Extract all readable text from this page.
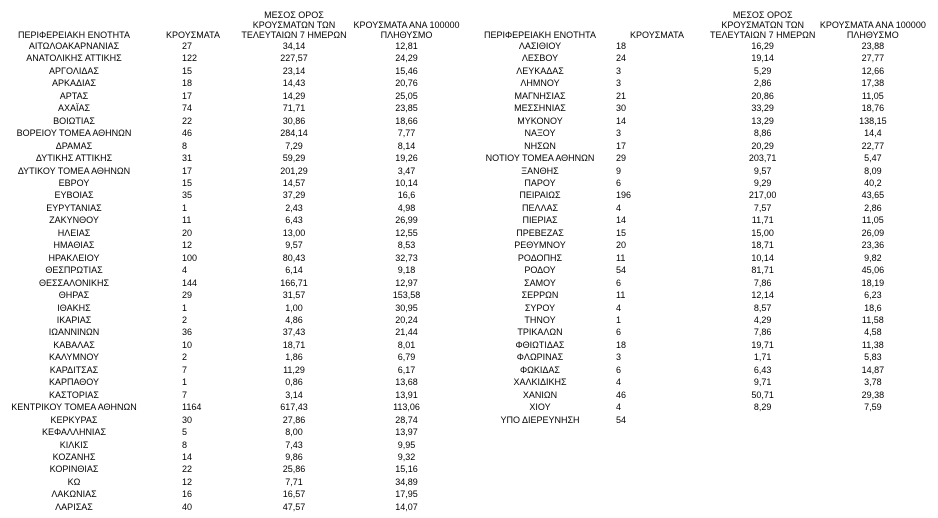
ΠΕΡΙΦΕΡΕΙΑΚΗ ΕΝΟΤΗΤΑ	ΚΡΟΥΣΜΑΤΑ	ΜΕΣΟΣ ΟΡΟΣ
ΚΡΟΥΣΜΑΤΩΝ ΤΩΝ
ΤΕΛΕΥΤΑΙΩΝ 7 ΗΜΕΡΩΝ	ΚΡΟΥΣΜΑΤΑ ΑΝΑ 100000
ΠΛΗΘΥΣΜΟ
ΑΙΤΩΛΟΑΚΑΡΝΑΝΙΑΣ	27	34,14	12,81
ΑΝΑΤΟΛΙΚΗΣ ΑΤΤΙΚΗΣ	122	227,57	24,29
ΑΡΓΟΛΙΔΑΣ	15	23,14	15,46
ΑΡΚΑΔΙΑΣ	18	14,43	20,76
ΑΡΤΑΣ	17	14,29	25,05
ΑΧΑΪΑΣ	74	71,71	23,85
ΒΟΙΩΤΙΑΣ	22	30,86	18,66
ΒΟΡΕΙΟΥ ΤΟΜΕΑ ΑΘΗΝΩΝ	46	284,14	7,77
ΔΡΑΜΑΣ	8	7,29	8,14
ΔΥΤΙΚΗΣ ΑΤΤΙΚΗΣ	31	59,29	19,26
ΔΥΤΙΚΟΥ ΤΟΜΕΑ ΑΘΗΝΩΝ	17	201,29	3,47
ΕΒΡΟΥ	15	14,57	10,14
ΕΥΒΟΙΑΣ	35	37,29	16,6
ΕΥΡΥΤΑΝΙΑΣ	1	2,43	4,98
ΖΑΚΥΝΘΟΥ	11	6,43	26,99
ΗΛΕΙΑΣ	20	13,00	12,55
ΗΜΑΘΙΑΣ	12	9,57	8,53
ΗΡΑΚΛΕΙΟΥ	100	80,43	32,73
ΘΕΣΠΡΩΤΙΑΣ	4	6,14	9,18
ΘΕΣΣΑΛΟΝΙΚΗΣ	144	166,71	12,97
ΘΗΡΑΣ	29	31,57	153,58
ΙΘΑΚΗΣ	1	1,00	30,95
ΙΚΑΡΙΑΣ	2	4,86	20,24
ΙΩΑΝΝΙΝΩΝ	36	37,43	21,44
ΚΑΒΑΛΑΣ	10	18,71	8,01
ΚΑΛΥΜΝΟΥ	2	1,86	6,79
ΚΑΡΔΙΤΣΑΣ	7	11,29	6,17
ΚΑΡΠΑΘΟΥ	1	0,86	13,68
ΚΑΣΤΟΡΙΑΣ	7	3,14	13,91
ΚΕΝΤΡΙΚΟΥ ΤΟΜΕΑ ΑΘΗΝΩΝ	1164	617,43	113,06
ΚΕΡΚΥΡΑΣ	30	27,86	28,74
ΚΕΦΑΛΛΗΝΙΑΣ	5	8,00	13,97
ΚΙΛΚΙΣ	8	7,43	9,95
ΚΟΖΑΝΗΣ	14	9,86	9,32
ΚΟΡΙΝΘΙΑΣ	22	25,86	15,16
ΚΩ	12	7,71	34,89
ΛΑΚΩΝΙΑΣ	16	16,57	17,95
ΛΑΡΙΣΑΣ	40	47,57	14,07
ΠΕΡΙΦΕΡΕΙΑΚΗ ΕΝΟΤΗΤΑ	ΚΡΟΥΣΜΑΤΑ	ΜΕΣΟΣ ΟΡΟΣ
ΚΡΟΥΣΜΑΤΩΝ ΤΩΝ
ΤΕΛΕΥΤΑΙΩΝ 7 ΗΜΕΡΩΝ	ΚΡΟΥΣΜΑΤΑ ΑΝΑ 100000
ΠΛΗΘΥΣΜΟ
ΛΑΣΙΘΙΟΥ	18	16,29	23,88
ΛΕΣΒΟΥ	24	19,14	27,77
ΛΕΥΚΑΔΑΣ	3	5,29	12,66
ΛΗΜΝΟΥ	3	2,86	17,38
ΜΑΓΝΗΣΙΑΣ	21	20,86	11,05
ΜΕΣΣΗΝΙΑΣ	30	33,29	18,76
ΜΥΚΟΝΟΥ	14	13,29	138,15
ΝΑΞΟΥ	3	8,86	14,4
ΝΗΣΩΝ	17	20,29	22,77
ΝΟΤΙΟΥ ΤΟΜΕΑ ΑΘΗΝΩΝ	29	203,71	5,47
ΞΑΝΘΗΣ	9	9,57	8,09
ΠΑΡΟΥ	6	9,29	40,2
ΠΕΙΡΑΙΩΣ	196	217,00	43,65
ΠΕΛΛΑΣ	4	7,57	2,86
ΠΙΕΡΙΑΣ	14	11,71	11,05
ΠΡΕΒΕΖΑΣ	15	15,00	26,09
ΡΕΘΥΜΝΟΥ	20	18,71	23,36
ΡΟΔΟΠΗΣ	11	10,14	9,82
ΡΟΔΟΥ	54	81,71	45,06
ΣΑΜΟΥ	6	7,86	18,19
ΣΕΡΡΩΝ	11	12,14	6,23
ΣΥΡΟΥ	4	8,57	18,6
ΤΗΝΟΥ	1	4,29	11,58
ΤΡΙΚΑΛΩΝ	6	7,86	4,58
ΦΘΙΩΤΙΔΑΣ	18	19,71	11,38
ΦΛΩΡΙΝΑΣ	3	1,71	5,83
ΦΩΚΙΔΑΣ	6	6,43	14,87
ΧΑΛΚΙΔΙΚΗΣ	4	9,71	3,78
ΧΑΝΙΩΝ	46	50,71	29,38
ΧΙΟΥ	4	8,29	7,59
ΥΠΟ ΔΙΕΡΕΥΝΗΣΗ	54		
